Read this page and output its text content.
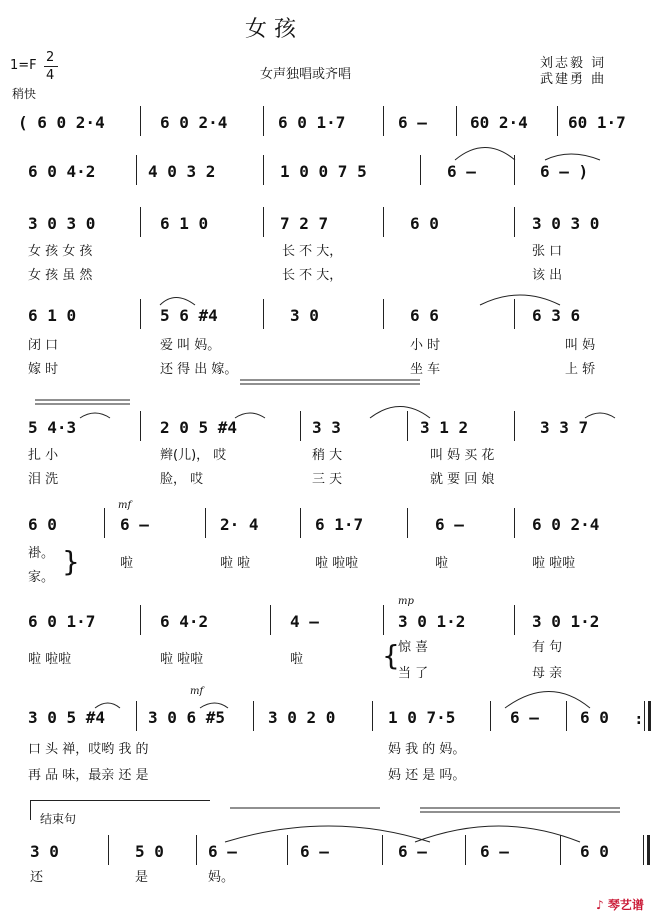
女 孩
1=F
2
4
稍快
女声独唱或齐唱
刘志毅 词
武建勇 曲
( 6 0 2·4	6 0 2·4	6 0 1·7	6 –	60 2·4	60 1·7
6 0 4·2	4 0 3 2	1 0 0 7 5	6 –	6 – )
3 0 3 0	6 1 0	7 2 7	6 0	3 0 3 0
女 孩 女 孩	长 不 大，	张 口
女 孩 虽 然	长 不 大，	该 出
6 1 0	5 6 #4	3 0	6 6	6 3 6
闭 口	爱 叫 妈。	小 时	叫 妈
嫁 时	还 得 出 嫁。	坐 车	上 轿
5 4·3	2 0 5 #4	3 3	3 1 2	3 3 7
扎 小	辫(儿)， 哎	稍 大	叫 妈 买 花
泪 洗	脸， 哎	三 天	就 要 回 娘
mf
6 0	6 –	2· 4	6 1·7	6 –	6 0 2·4
褂。
家。 }	啦	啦 啦	啦 啦啦	啦	啦 啦啦
mp
6 0 1·7	6 4·2	4 –	3 0 1·2	3 0 1·2
啦 啦啦	啦 啦啦	啦	{
惊 喜	有 句
当 了	母 亲
mf
3 0 5 #4	3 0 6 #5	3 0 2 0	1 0 7·5	6 –	6 0 :
口 头 禅，哎哟 我 的	妈 我 的 妈。
再 品 味，最亲 还 是	妈 还 是 吗。
结束句
3 0	5 0	6 –	6 –	6 –	6 –	6 0
还	是	妈。
♪ 琴艺谱
